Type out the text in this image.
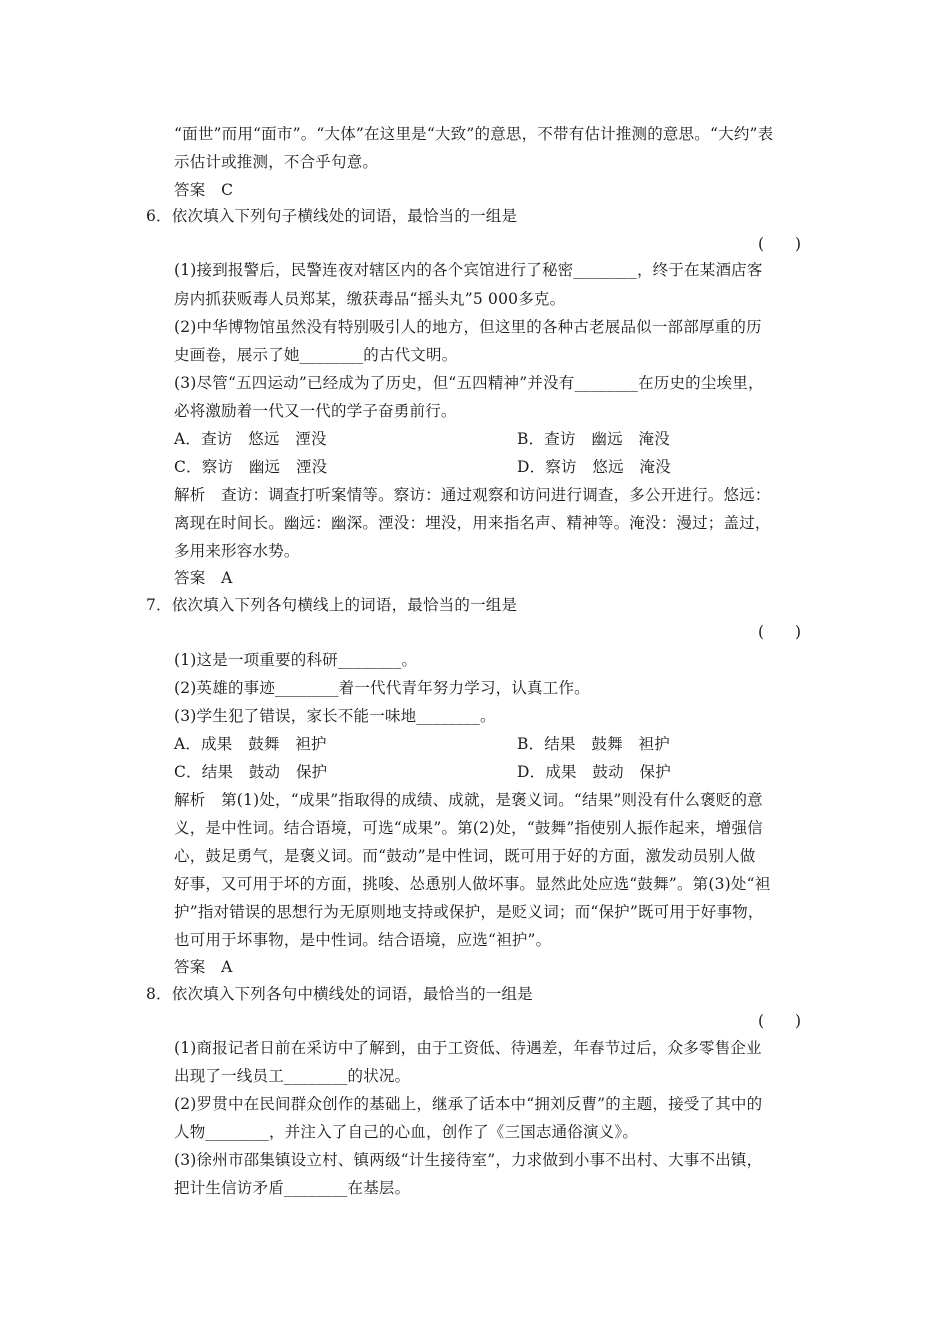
“面世”而用“面市”。“大体”在这里是“大致”的意思，不带有估计推测的意思。“大约”表
示估计或推测，不合乎句意。
答案　C
6．依次填入下列句子横线处的词语，最恰当的一组是
(　　)
(1)接到报警后，民警连夜对辖区内的各个宾馆进行了秘密________，终于在某酒店客
房内抓获贩毒人员郑某，缴获毒品“摇头丸”5 000多克。
(2)中华博物馆虽然没有特别吸引人的地方，但这里的各种古老展品似一部部厚重的历
史画卷，展示了她________的古代文明。
(3)尽管“五四运动”已经成为了历史，但“五四精神”并没有________在历史的尘埃里，
必将激励着一代又一代的学子奋勇前行。
A．查访　悠远　湮没	B．查访　幽远　淹没
C．察访　幽远　湮没	D．察访　悠远　淹没
解析　查访：调查打听案情等。察访：通过观察和访问进行调查，多公开进行。悠远：
离现在时间长。幽远：幽深。湮没：埋没，用来指名声、精神等。淹没：漫过；盖过，
多用来形容水势。
答案　A
7．依次填入下列各句横线上的词语，最恰当的一组是
(　　)
(1)这是一项重要的科研________。
(2)英雄的事迹________着一代代青年努力学习，认真工作。
(3)学生犯了错误，家长不能一味地________。
A．成果　鼓舞　袒护	B．结果　鼓舞　袒护
C．结果　鼓动　保护	D．成果　鼓动　保护
解析　第(1)处，“成果”指取得的成绩、成就，是褒义词。“结果”则没有什么褒贬的意
义，是中性词。结合语境，可选“成果”。第(2)处，“鼓舞”指使别人振作起来，增强信
心，鼓足勇气，是褒义词。而“鼓动”是中性词，既可用于好的方面，激发动员别人做
好事，又可用于坏的方面，挑唆、怂恿别人做坏事。显然此处应选“鼓舞”。第(3)处“袒
护”指对错误的思想行为无原则地支持或保护，是贬义词；而“保护”既可用于好事物，
也可用于坏事物，是中性词。结合语境，应选“袒护”。
答案　A
8．依次填入下列各句中横线处的词语，最恰当的一组是
(　　)
(1)商报记者日前在采访中了解到，由于工资低、待遇差，年春节过后，众多零售企业
出现了一线员工________的状况。
(2)罗贯中在民间群众创作的基础上，继承了话本中“拥刘反曹”的主题，接受了其中的
人物________，并注入了自己的心血，创作了《三国志通俗演义》。
(3)徐州市邵集镇设立村、镇两级“计生接待室”，力求做到小事不出村、大事不出镇，
把计生信访矛盾________在基层。
